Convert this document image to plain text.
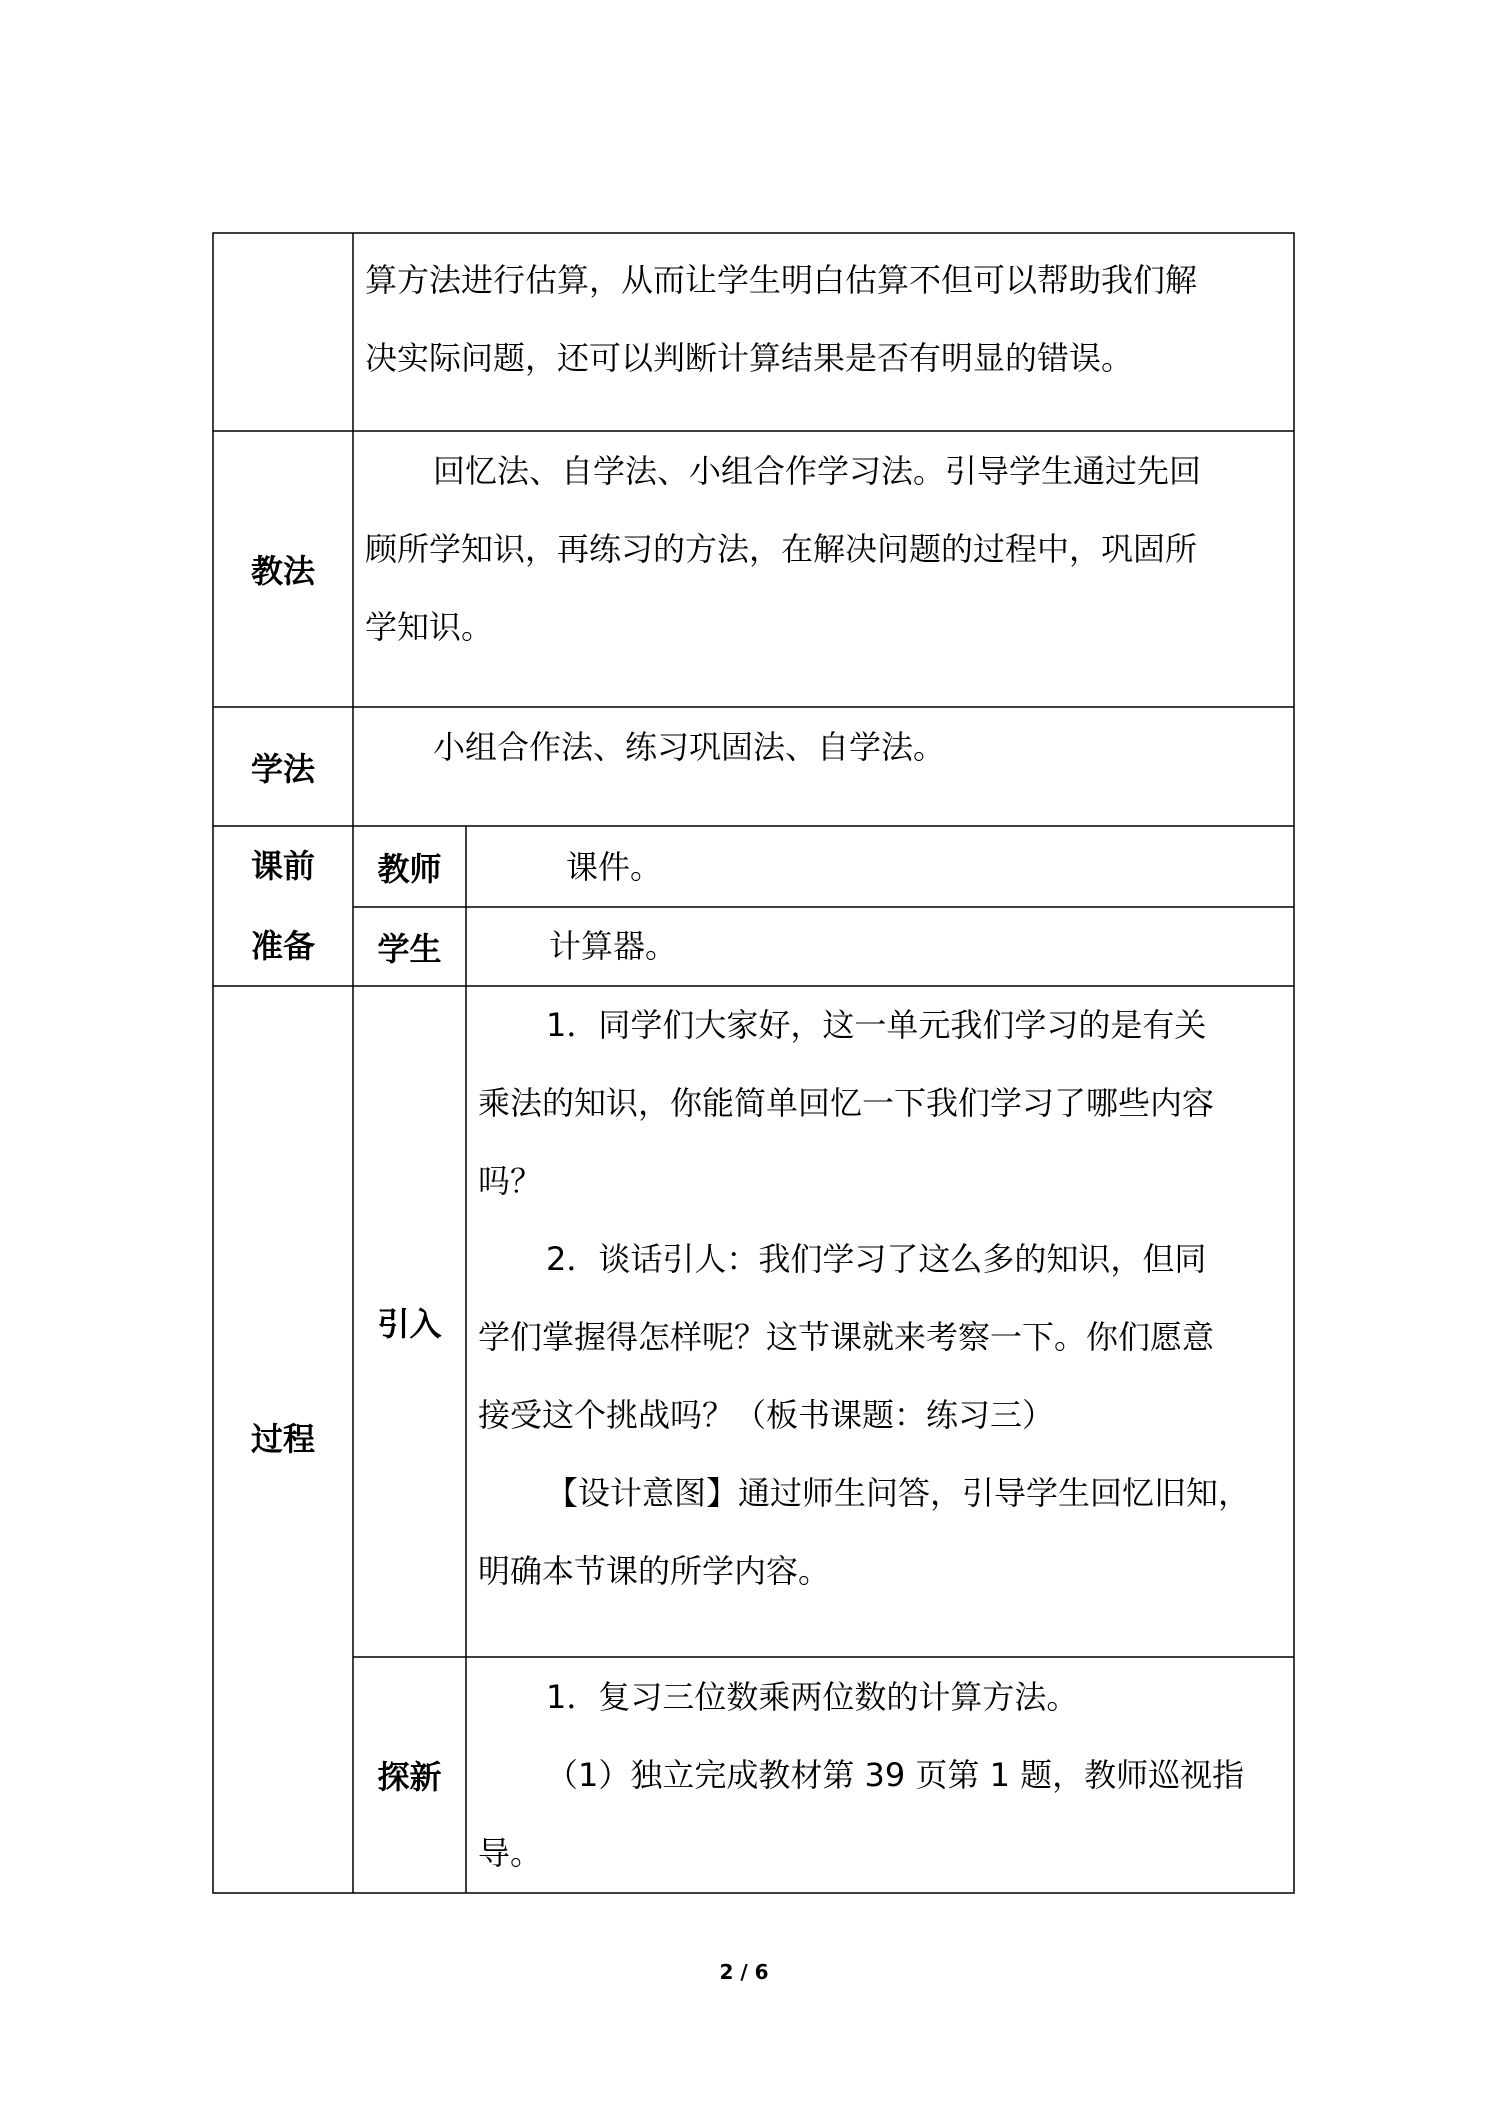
算方法进行估算，从而让学生明白估算不但可以帮助我们解

决实际问题，还可以判断计算结果是否有明显的错误。

教法

回忆法、自学法、小组合作学习法。引导学生通过先回

顾所学知识，再练习的方法，在解决问题的过程中，巩固所

学知识。

学法

小组合作法、练习巩固法、自学法。

课前
准备
教师	课件。
学生	计算器。
过程
引入

1．同学们大家好，这一单元我们学习的是有关

乘法的知识，你能简单回忆一下我们学习了哪些内容

吗？

2．谈话引人：我们学习了这么多的知识，但同

学们掌握得怎样呢？这节课就来考察一下。你们愿意

接受这个挑战吗？（板书课题：练习三）

【设计意图】通过师生问答，引导学生回忆旧知，

明确本节课的所学内容。

探新

1．复习三位数乘两位数的计算方法。

（1）独立完成教材第 39 页第 1 题，教师巡视指

导。

2 / 6
